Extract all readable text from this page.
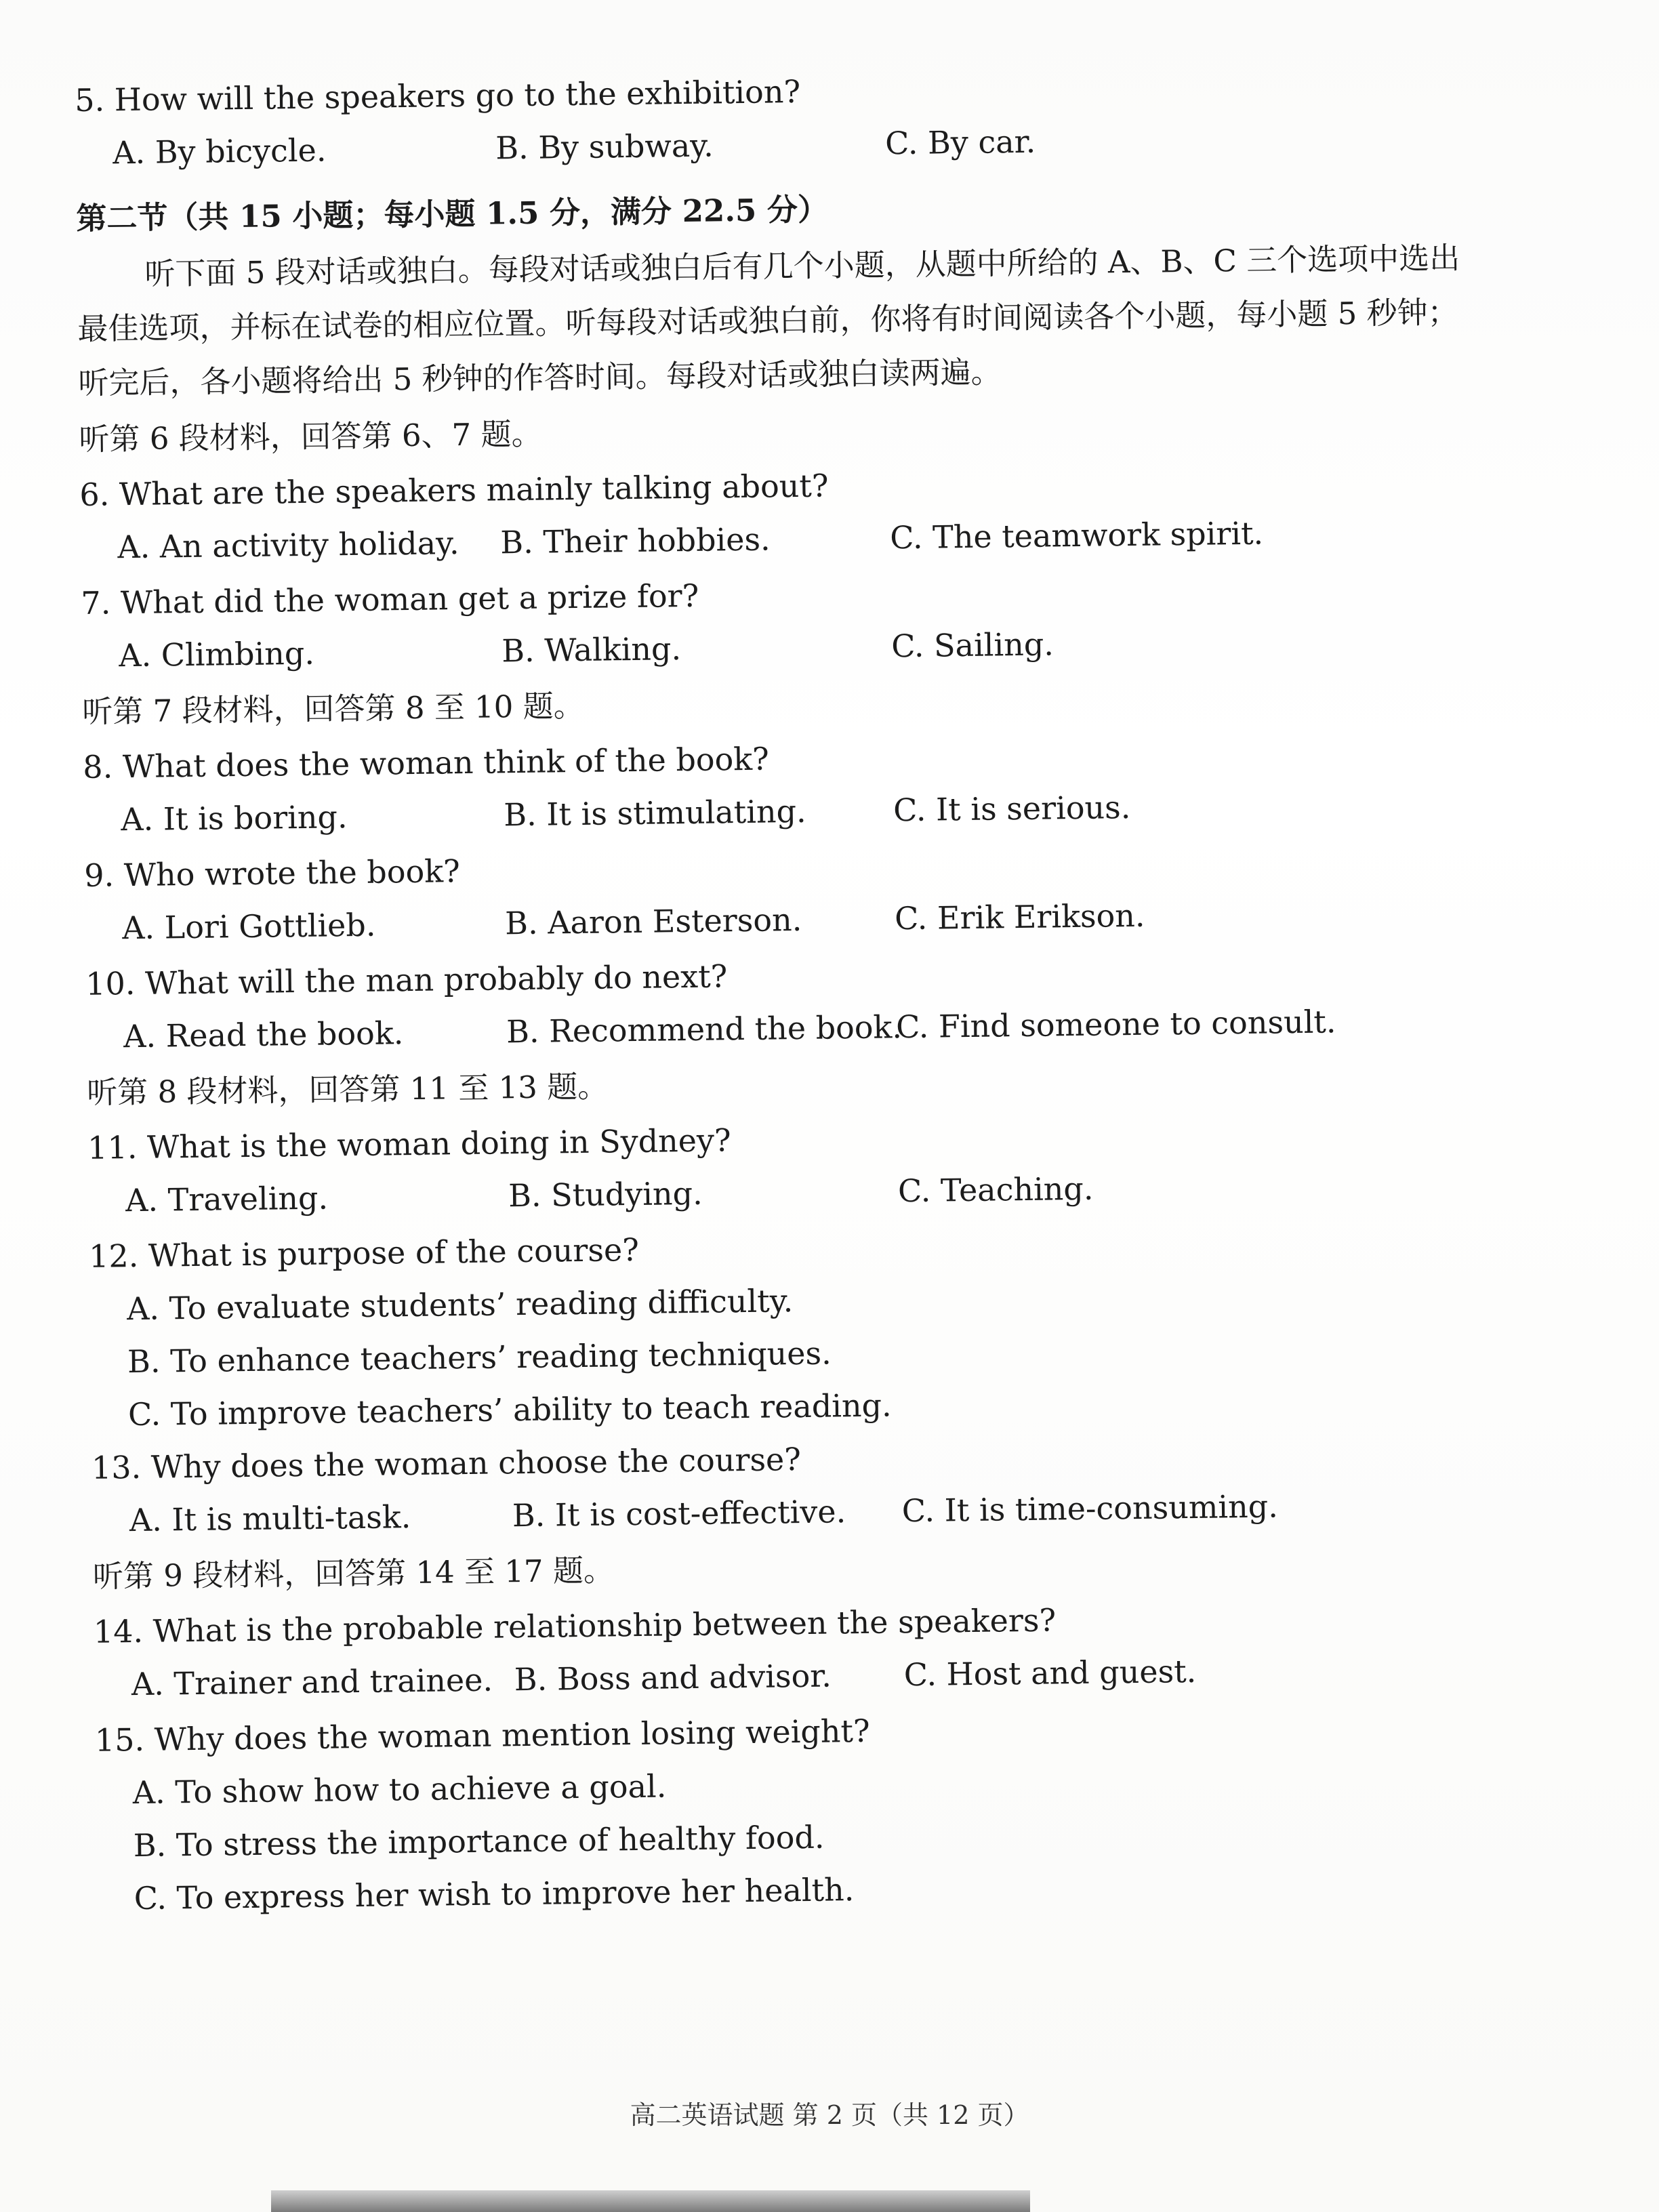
5. How will the speakers go to the exhibition?
A. By bicycle.	B. By subway.	C. By car.
第二节（共 15 小题；每小题 1.5 分，满分 22.5 分）
听下面 5 段对话或独白。每段对话或独白后有几个小题，从题中所给的 A、B、C 三个选项中选出最佳选项，并标在试卷的相应位置。听每段对话或独白前，你将有时间阅读各个小题，每小题 5 秒钟；听完后，各小题将给出 5 秒钟的作答时间。每段对话或独白读两遍。
听第 6 段材料，回答第 6、7 题。
6. What are the speakers mainly talking about?
A. An activity holiday.	B. Their hobbies.	C. The teamwork spirit.
7. What did the woman get a prize for?
A. Climbing.	B. Walking.	C. Sailing.
听第 7 段材料，回答第 8 至 10 题。
8. What does the woman think of the book?
A. It is boring.	B. It is stimulating.	C. It is serious.
9. Who wrote the book?
A. Lori Gottlieb.	B. Aaron Esterson.	C. Erik Erikson.
10. What will the man probably do next?
A. Read the book.	B. Recommend the book.
C. Find someone to consult.
听第 8 段材料，回答第 11 至 13 题。
11. What is the woman doing in Sydney?
A. Traveling.	B. Studying.	C. Teaching.
12. What is purpose of the course?
A. To evaluate students’ reading difficulty.
B. To enhance teachers’ reading techniques.
C. To improve teachers’ ability to teach reading.
13. Why does the woman choose the course?
A. It is multi-task.	B. It is cost-effective.	C. It is time-consuming.
听第 9 段材料，回答第 14 至 17 题。
14. What is the probable relationship between the speakers?
A. Trainer and trainee. B. Boss and advisor.	C. Host and guest.
15. Why does the woman mention losing weight?
A. To show how to achieve a goal.
B. To stress the importance of healthy food.
C. To express her wish to improve her health.
高二英语试题 第 2 页（共 12 页）
